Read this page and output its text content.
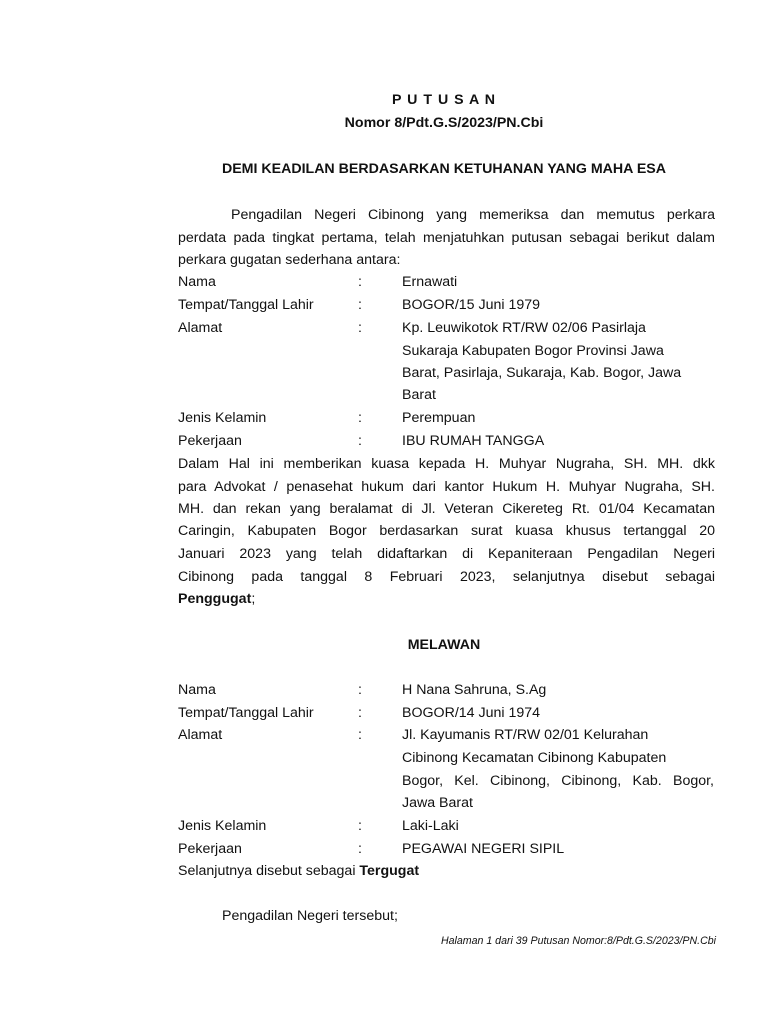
P U T U S A N
Nomor 8/Pdt.G.S/2023/PN.Cbi
DEMI KEADILAN BERDASARKAN KETUHANAN YANG MAHA ESA
Pengadilan Negeri Cibinong yang memeriksa dan memutus perkara
perdata pada tingkat pertama, telah menjatuhkan putusan sebagai berikut dalam
perkara gugatan sederhana antara:
Nama	:	Ernawati
Tempat/Tanggal Lahir	:	BOGOR/15 Juni 1979
Alamat	:	Kp. Leuwikotok RT/RW 02/06 Pasirlaja
Sukaraja Kabupaten Bogor Provinsi Jawa
Barat, Pasirlaja, Sukaraja, Kab. Bogor, Jawa
Barat
Jenis Kelamin	:	Perempuan
Pekerjaan	:	IBU RUMAH TANGGA
Dalam Hal ini memberikan kuasa kepada H. Muhyar Nugraha, SH. MH. dkk
para Advokat / penasehat hukum dari kantor Hukum H. Muhyar Nugraha, SH.
MH. dan rekan yang beralamat di Jl. Veteran Cikereteg Rt. 01/04 Kecamatan
Caringin, Kabupaten Bogor berdasarkan surat kuasa khusus tertanggal 20
Januari 2023 yang telah didaftarkan di Kepaniteraan Pengadilan Negeri
Cibinong pada tanggal 8 Februari 2023, selanjutnya disebut sebagai
Penggugat;
MELAWAN
Nama	:	H Nana Sahruna, S.Ag
Tempat/Tanggal Lahir	:	BOGOR/14 Juni 1974
Alamat	:	Jl. Kayumanis RT/RW 02/01 Kelurahan
Cibinong Kecamatan Cibinong Kabupaten
Bogor, Kel. Cibinong, Cibinong, Kab. Bogor,
Jawa Barat
Jenis Kelamin	:	Laki-Laki
Pekerjaan	:	PEGAWAI NEGERI SIPIL
Selanjutnya disebut sebagai Tergugat
Pengadilan Negeri tersebut;
Halaman 1 dari 39 Putusan Nomor:8/Pdt.G.S/2023/PN.Cbi
